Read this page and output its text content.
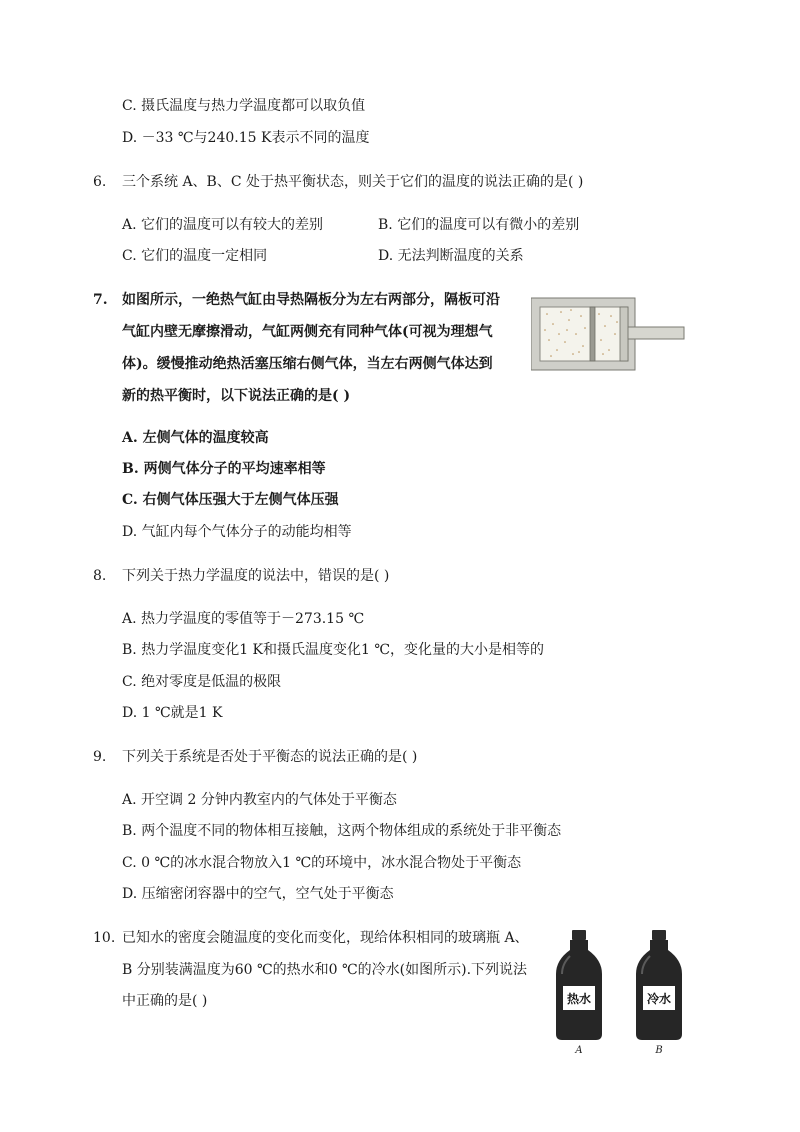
C. 摄氏温度与热力学温度都可以取负值
D. －33 ℃与240.15 K表示不同的温度
6. 三个系统 A、B、C 处于热平衡状态，则关于它们的温度的说法正确的是( )
A. 它们的温度可以有较大的差别	B. 它们的温度可以有微小的差别
C. 它们的温度一定相同	D. 无法判断温度的关系
7. 如图所示，一绝热气缸由导热隔板分为左右两部分，隔板可沿
气缸内壁无摩擦滑动，气缸两侧充有同种气体(可视为理想气
体)。缓慢推动绝热活塞压缩右侧气体，当左右两侧气体达到
新的热平衡时，以下说法正确的是( )
A. 左侧气体的温度较高
B. 两侧气体分子的平均速率相等
C. 右侧气体压强大于左侧气体压强
D. 气缸内每个气体分子的动能均相等
8. 下列关于热力学温度的说法中，错误的是( )
A. 热力学温度的零值等于－273.15 ℃
B. 热力学温度变化1 K和摄氏温度变化1 ℃，变化量的大小是相等的
C. 绝对零度是低温的极限
D. 1 ℃就是1 K
9. 下列关于系统是否处于平衡态的说法正确的是( )
A. 开空调 2 分钟内教室内的气体处于平衡态
B. 两个温度不同的物体相互接触，这两个物体组成的系统处于非平衡态
C. 0 ℃的冰水混合物放入1 ℃的环境中，冰水混合物处于平衡态
D. 压缩密闭容器中的空气，空气处于平衡态
10. 已知水的密度会随温度的变化而变化，现给体积相同的玻璃瓶 A、
B 分别装满温度为60 ℃的热水和0 ℃的冷水(如图所示).下列说法
中正确的是( )	热水	冷水
A	B
